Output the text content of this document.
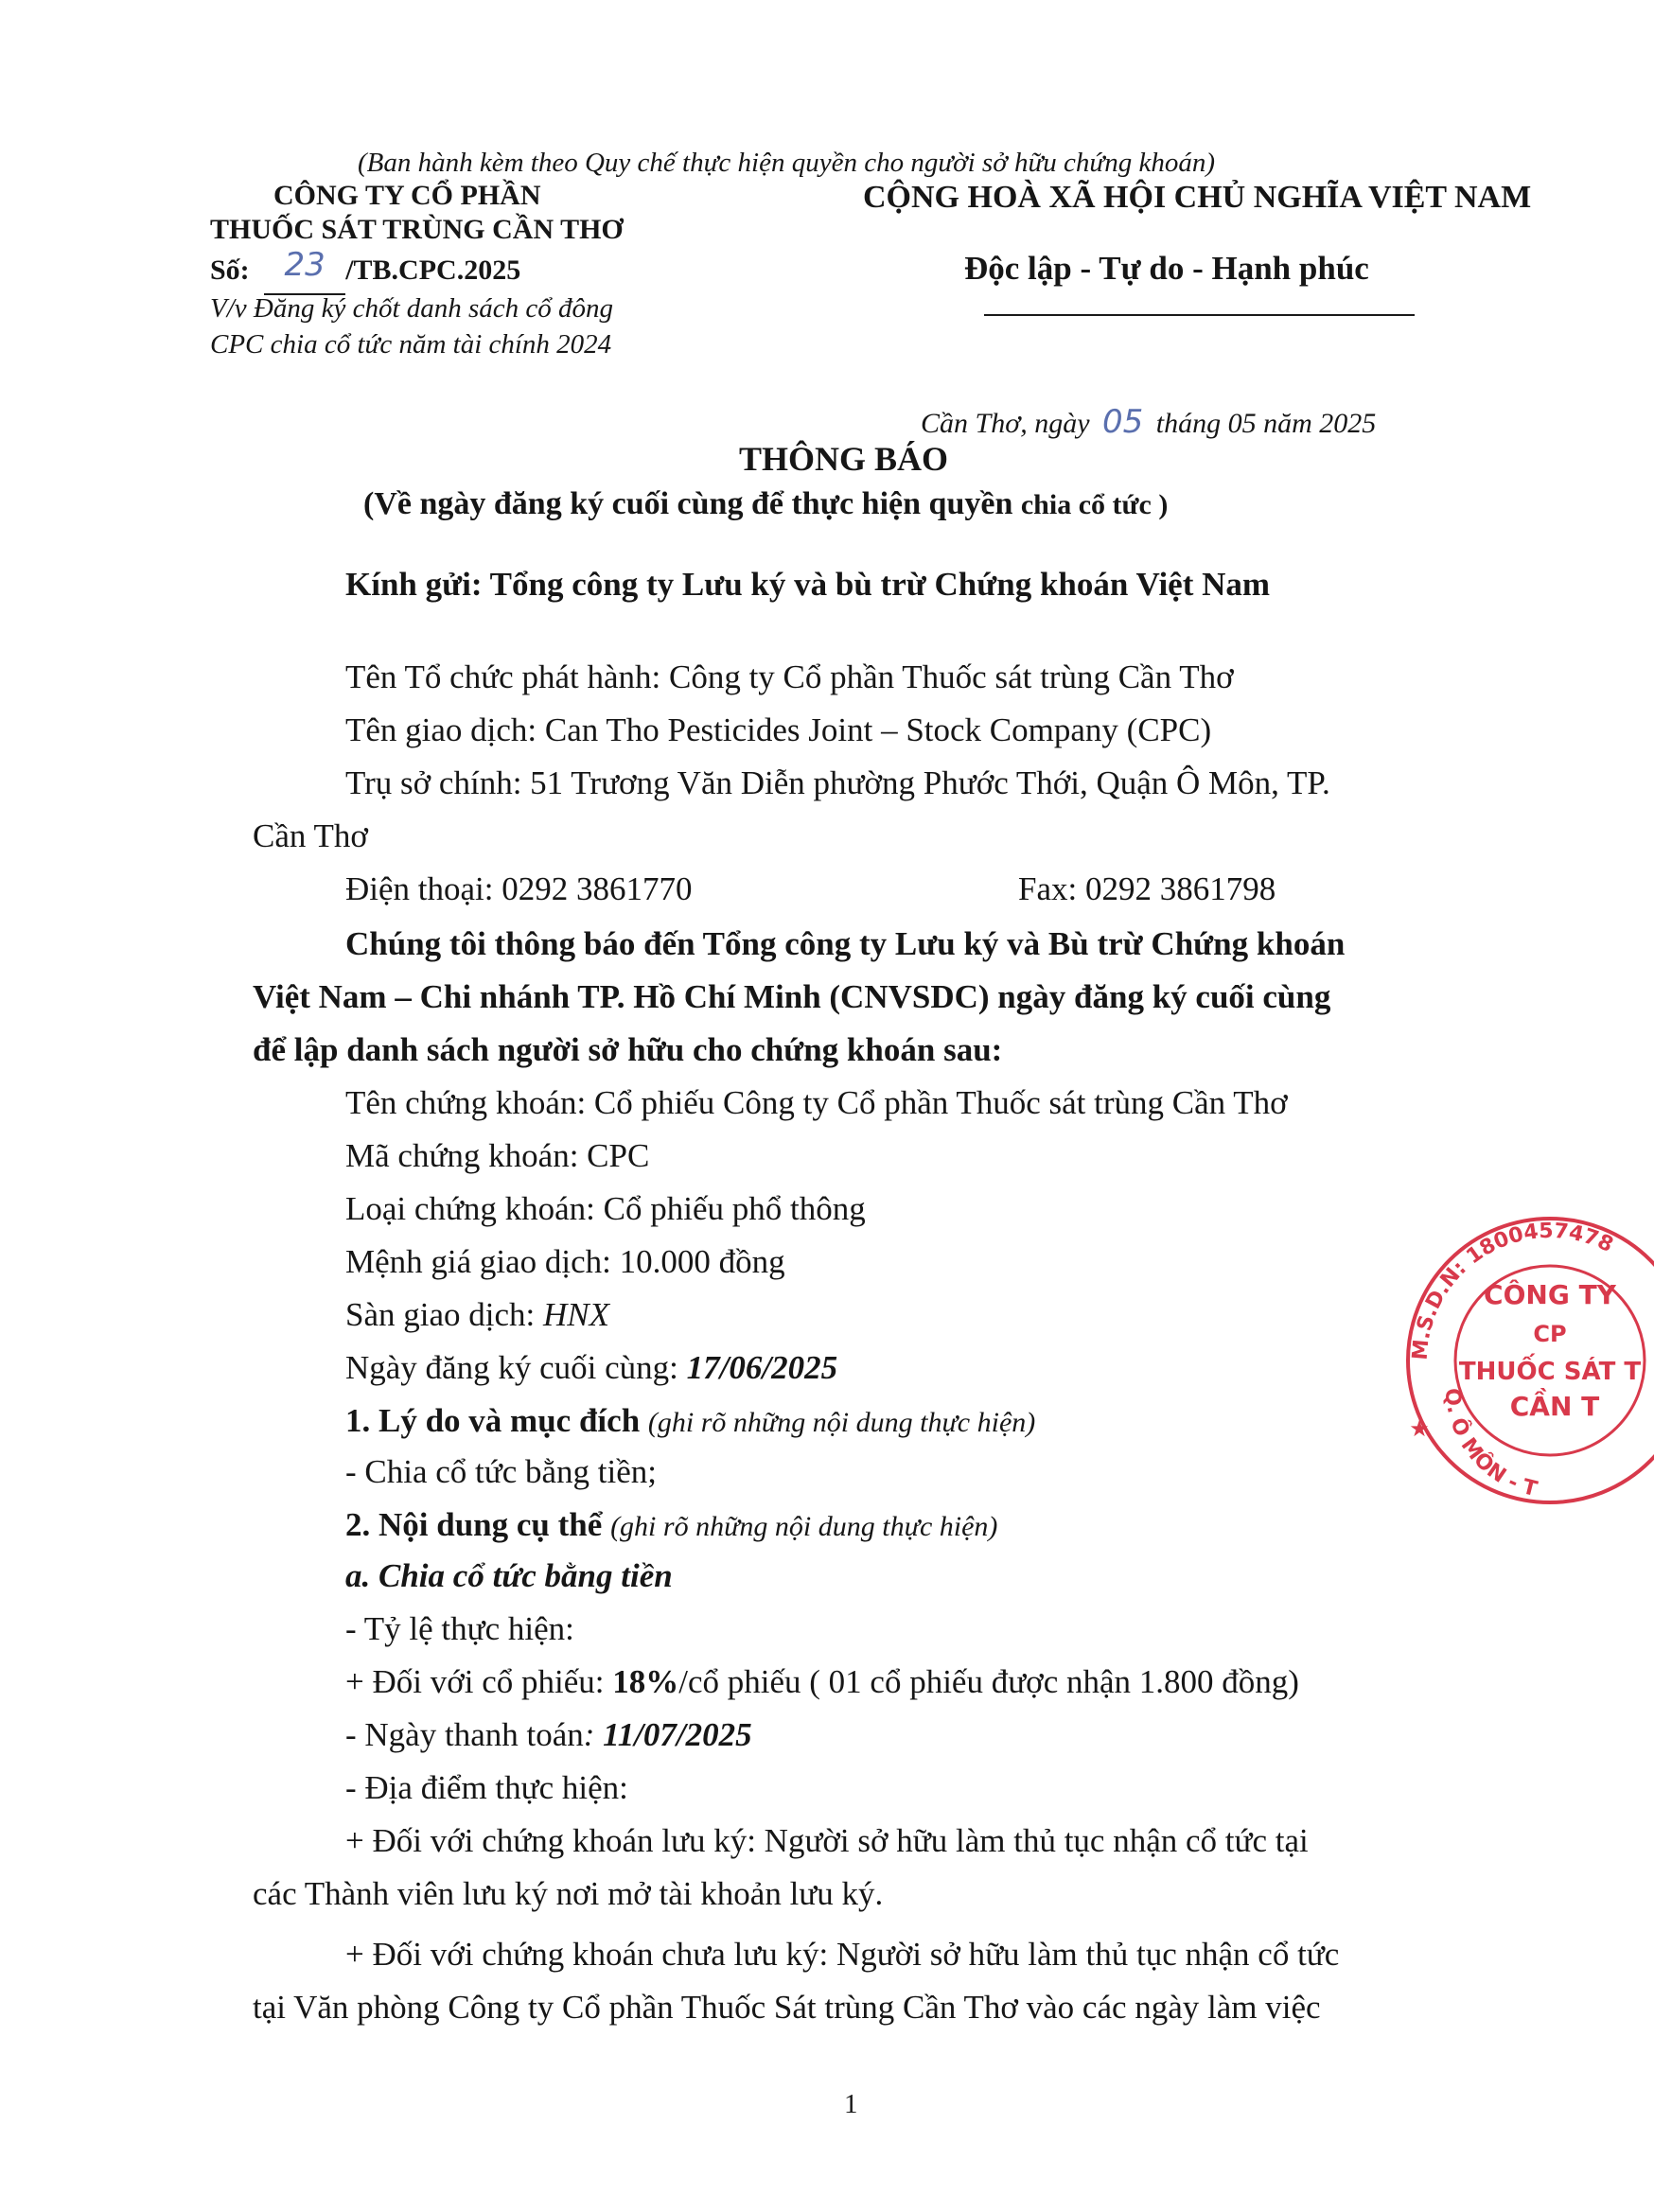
(Ban hành kèm theo Quy chế thực hiện quyền cho người sở hữu chứng khoán)
CÔNG TY CỔ PHẦN
THUỐC SÁT TRÙNG CẦN THƠ
Số: 23 /TB.CPC.2025
V/v Đăng ký chốt danh sách cổ đông
CPC chia cổ tức năm tài chính 2024
CỘNG HOÀ XÃ HỘI CHỦ NGHĨA VIỆT NAM
Độc lập - Tự do - Hạnh phúc
Cần Thơ, ngày 05 tháng 05 năm 2025
THÔNG BÁO
(Về ngày đăng ký cuối cùng để thực hiện quyền chia cổ tức )
Kính gửi: Tổng công ty Lưu ký và bù trừ Chứng khoán Việt Nam
Tên Tổ chức phát hành: Công ty Cổ phần Thuốc sát trùng Cần Thơ
Tên giao dịch: Can Tho Pesticides Joint – Stock Company (CPC)
Trụ sở chính: 51 Trương Văn Diễn phường Phước Thới, Quận Ô Môn, TP.
Cần Thơ
Điện thoại: 0292 3861770	Fax: 0292 3861798
Chúng tôi thông báo đến Tổng công ty Lưu ký và Bù trừ Chứng khoán
Việt Nam – Chi nhánh TP. Hồ Chí Minh (CNVSDC) ngày đăng ký cuối cùng
để lập danh sách người sở hữu cho chứng khoán sau:
Tên chứng khoán: Cổ phiếu Công ty Cổ phần Thuốc sát trùng Cần Thơ
Mã chứng khoán: CPC
Loại chứng khoán: Cổ phiếu phổ thông
Mệnh giá giao dịch: 10.000 đồng
Sàn giao dịch: HNX
Ngày đăng ký cuối cùng: 17/06/2025
1. Lý do và mục đích (ghi rõ những nội dung thực hiện)
- Chia cổ tức bằng tiền;
2. Nội dung cụ thể (ghi rõ những nội dung thực hiện)
a. Chia cổ tức bằng tiền
- Tỷ lệ thực hiện:
+ Đối với cổ phiếu: 18%/cổ phiếu ( 01 cổ phiếu được nhận 1.800 đồng)
- Ngày thanh toán: 11/07/2025
- Địa điểm thực hiện:
+ Đối với chứng khoán lưu ký: Người sở hữu làm thủ tục nhận cổ tức tại
các Thành viên lưu ký nơi mở tài khoản lưu ký.
+ Đối với chứng khoán chưa lưu ký: Người sở hữu làm thủ tục nhận cổ tức
tại Văn phòng Công ty Cổ phần Thuốc Sát trùng Cần Thơ vào các ngày làm việc
1
M.S.D.N: 1800457478
Q. Ô MÔN - T
CÔNG TY
CP
THUỐC SÁT T
CẦN T
★
